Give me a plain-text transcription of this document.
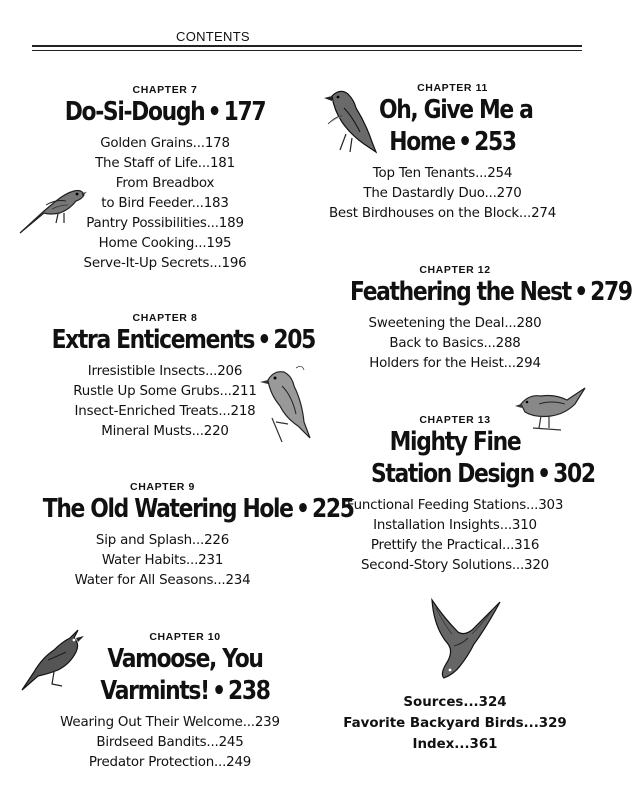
CONTENTS
CHAPTER 7
Do-Si-Dough • 177
Golden Grains...178
The Staff of Life...181
From Breadbox
to Bird Feeder...183
Pantry Possibilities...189
Home Cooking...195
Serve-It-Up Secrets...196
CHAPTER 8
Extra Enticements • 205
Irresistible Insects...206
Rustle Up Some Grubs...211
Insect-Enriched Treats...218
Mineral Musts...220
CHAPTER 9
The Old Watering Hole • 225
Sip and Splash...226
Water Habits...231
Water for All Seasons...234
CHAPTER 10
Vamoose, You
Varmints! • 238
Wearing Out Their Welcome...239
Birdseed Bandits...245
Predator Protection...249
CHAPTER 11
Oh, Give Me a
Home • 253
Top Ten Tenants...254
The Dastardly Duo...270
Best Birdhouses on the Block...274
CHAPTER 12
Feathering the Nest • 279
Sweetening the Deal...280
Back to Basics...288
Holders for the Heist...294
CHAPTER 13
Mighty Fine
Station Design • 302
Functional Feeding Stations...303
Installation Insights...310
Prettify the Practical...316
Second-Story Solutions...320
Sources...324
Favorite Backyard Birds...329
Index...361
